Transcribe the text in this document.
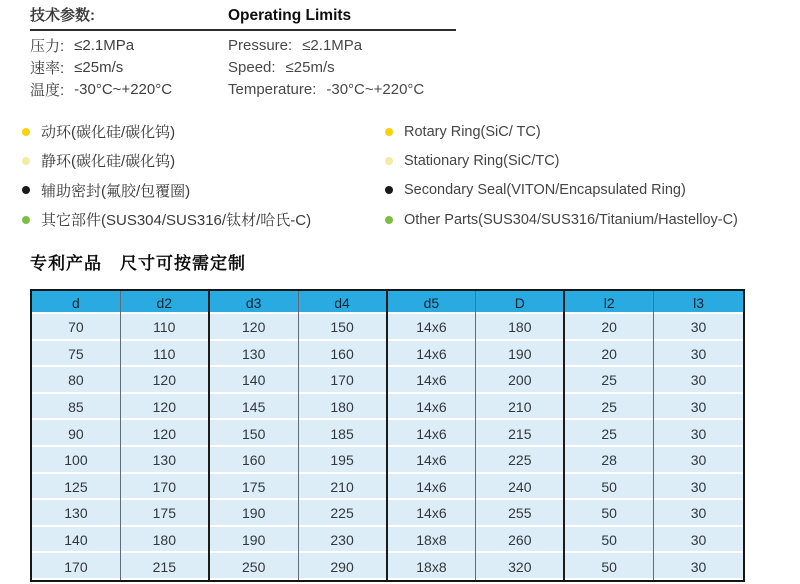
技术参数:	Operating Limits
压力: ≤2.1MPa	Pressure: ≤2.1MPa
速率: ≤25m/s	Speed: ≤25m/s
温度: -30°C~+220°C	Temperature: -30°C~+220°C
动环(碳化硅/碳化钨)
静环(碳化硅/碳化钨)
辅助密封(氟胶/包覆圈)
其它部件(SUS304/SUS316/钛材/哈氏-C)
Rotary Ring(SiC/ TC)
Stationary Ring(SiC/TC)
Secondary Seal(VITON/Encapsulated Ring)
Other Parts(SUS304/SUS316/Titanium/Hastelloy-C)
专利产品　尺寸可按需定制
d	d2	d3	d4	d5	D	l2	l3
70	110	120	150	14x6	180	20	30
75	110	130	160	14x6	190	20	30
80	120	140	170	14x6	200	25	30
85	120	145	180	14x6	210	25	30
90	120	150	185	14x6	215	25	30
100	130	160	195	14x6	225	28	30
125	170	175	210	14x6	240	50	30
130	175	190	225	14x6	255	50	30
140	180	190	230	18x8	260	50	30
170	215	250	290	18x8	320	50	30
